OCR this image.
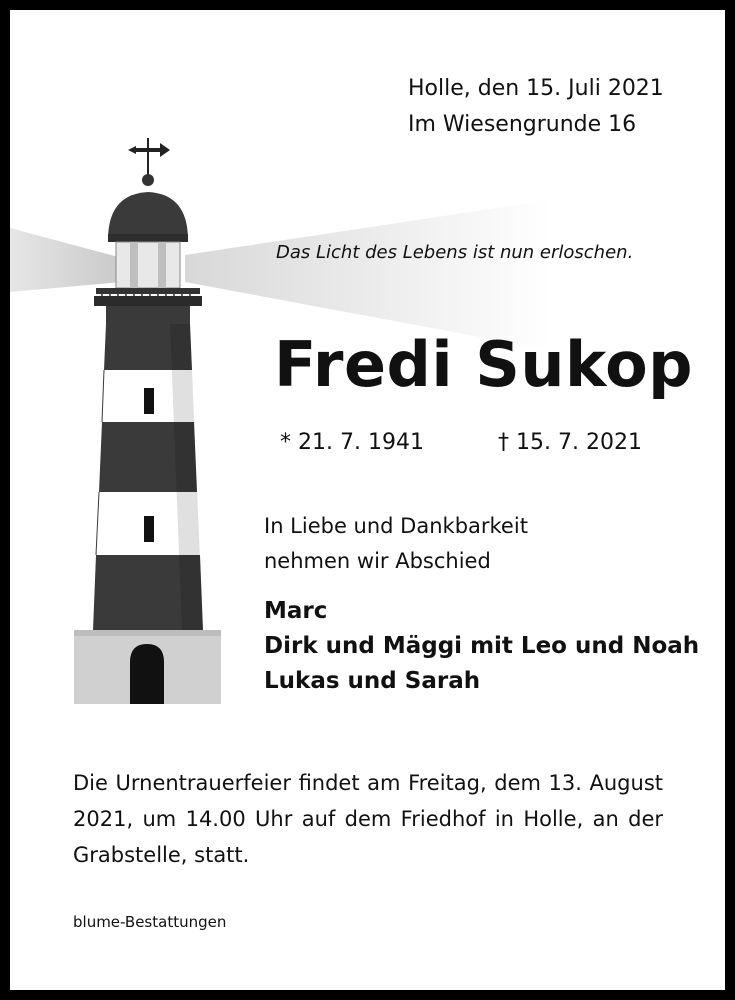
Holle, den 15. Juli 2021
Im Wiesengrunde 16
Das Licht des Lebens ist nun erloschen.
Fredi Sukop
* 21. 7. 1941	† 15. 7. 2021
In Liebe und Dankbarkeit
nehmen wir Abschied
Marc
Dirk und Mäggi mit Leo und Noah
Lukas und Sarah
Die Urnentrauerfeier findet am Freitag, dem 13. August 2021, um 14.00 Uhr auf dem Friedhof in Holle, an der Grabstelle, statt.
blume-Bestattungen
